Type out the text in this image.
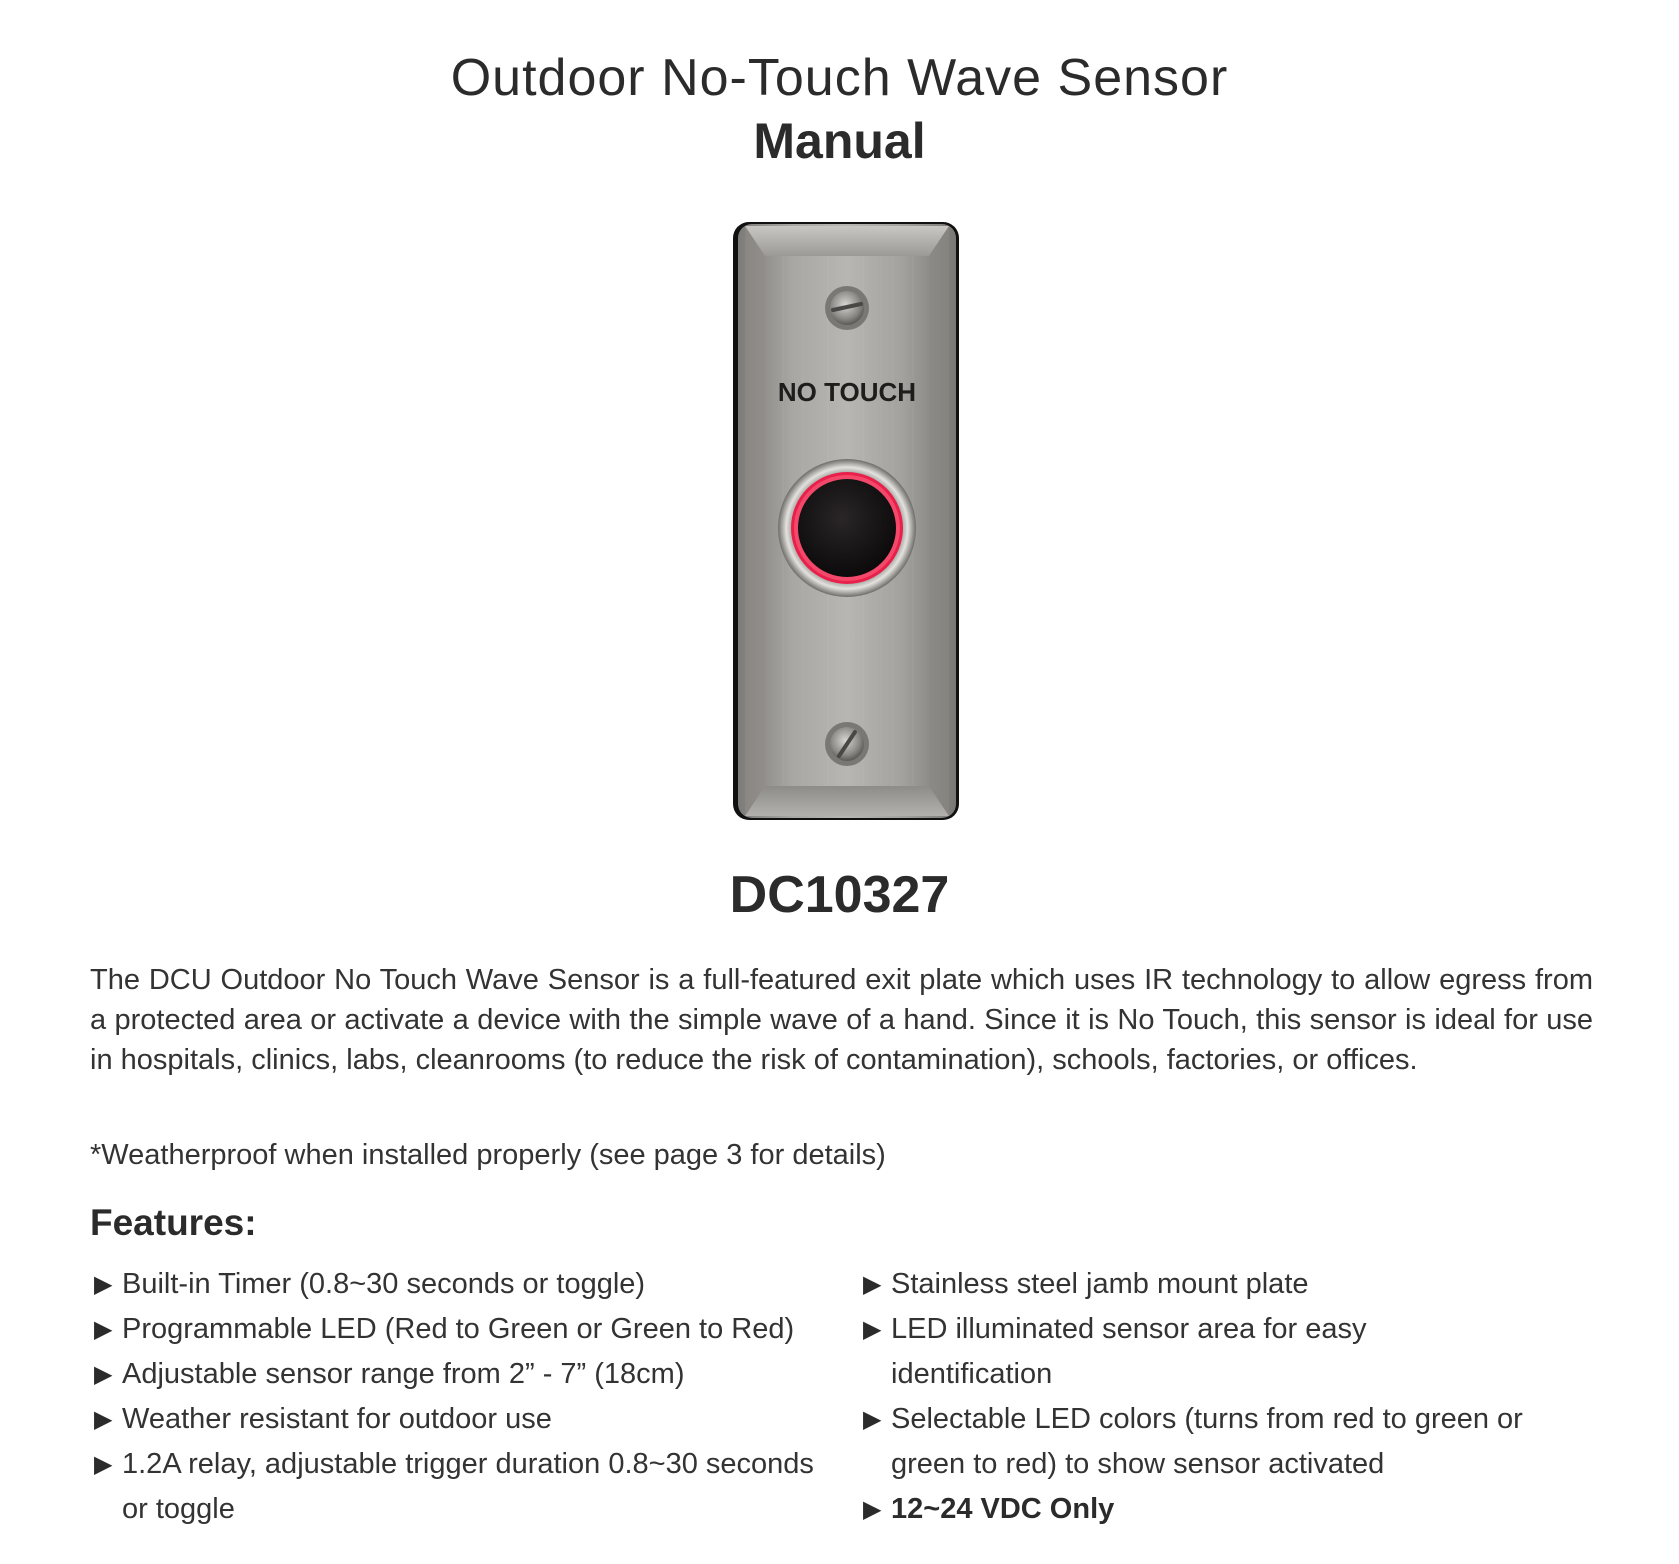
Outdoor No-Touch Wave Sensor
Manual
NO TOUCH
DC10327

The DCU Outdoor No Touch Wave Sensor is a full-featured exit plate which uses IR technology to allow egress from a protected area or activate a device with the simple wave of a hand. Since it is No Touch, this sensor is ideal for use in hospitals, clinics, labs, cleanrooms (to reduce the risk of contamination), schools, factories, or offices.

*Weatherproof when installed properly (see page 3 for details)

Features:
▶ Built-in Timer (0.8~30 seconds or toggle)
▶ Programmable LED (Red to Green or Green to Red)
▶ Adjustable sensor range from 2” - 7” (18cm)
▶ Weather resistant for outdoor use
▶ 1.2A relay, adjustable trigger duration 0.8~30 seconds or toggle
▶ Stainless steel jamb mount plate
▶ LED illuminated sensor area for easy identification
▶ Selectable LED colors (turns from red to green or green to red) to show sensor activated
▶ 12~24 VDC Only
